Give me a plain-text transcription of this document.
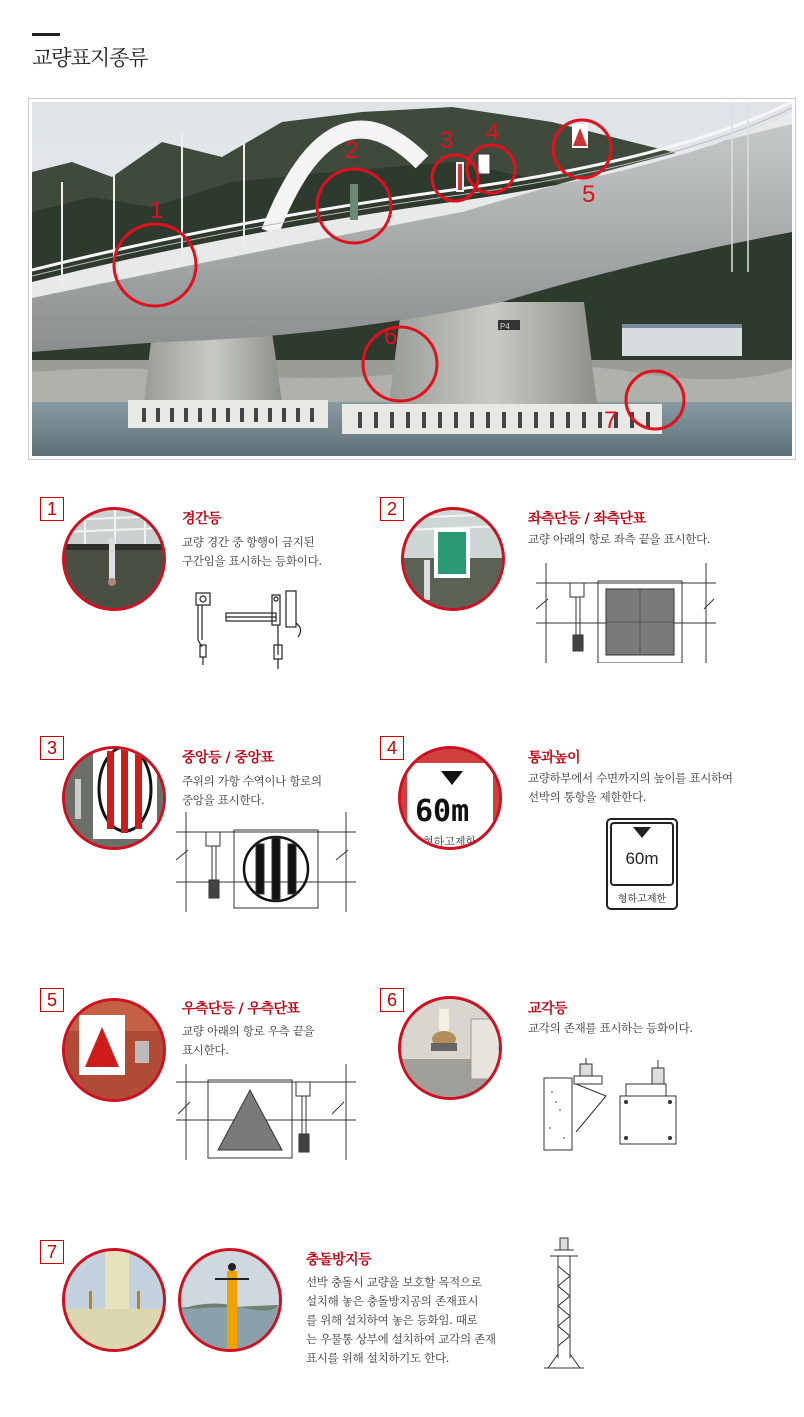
교량표지종류
P4
1
2	3 4
5
6
7
1	경간등
교량 경간 중 항행이 금지된
구간임을 표시하는 등화이다.
2	좌측단등 / 좌측단표
교량 아래의 항로 좌측 끝을 표시한다.
3	중앙등 / 중앙표
주위의 가항 수역이나 항로의
중앙을 표시한다.
4
60m
형하고제한
통과높이
교량하부에서 수면까지의 높이를 표시하여
선박의 통항을 제한한다.
60m
형하고제한
5	우측단등 / 우측단표
교량 아래의 항로 우측 끝을
표시한다.
6	교각등
교각의 존재를 표시하는 등화이다.
7	충돌방지등
선박 충돌시 교량을 보호할 목적으로
설치해 놓은 충돌방지공의 존재표시
를 위해 설치하여 놓은 등화임. 때로
는 우물통 상부에 설치하여 교각의 존재
표시를 위해 설치하기도 한다.
